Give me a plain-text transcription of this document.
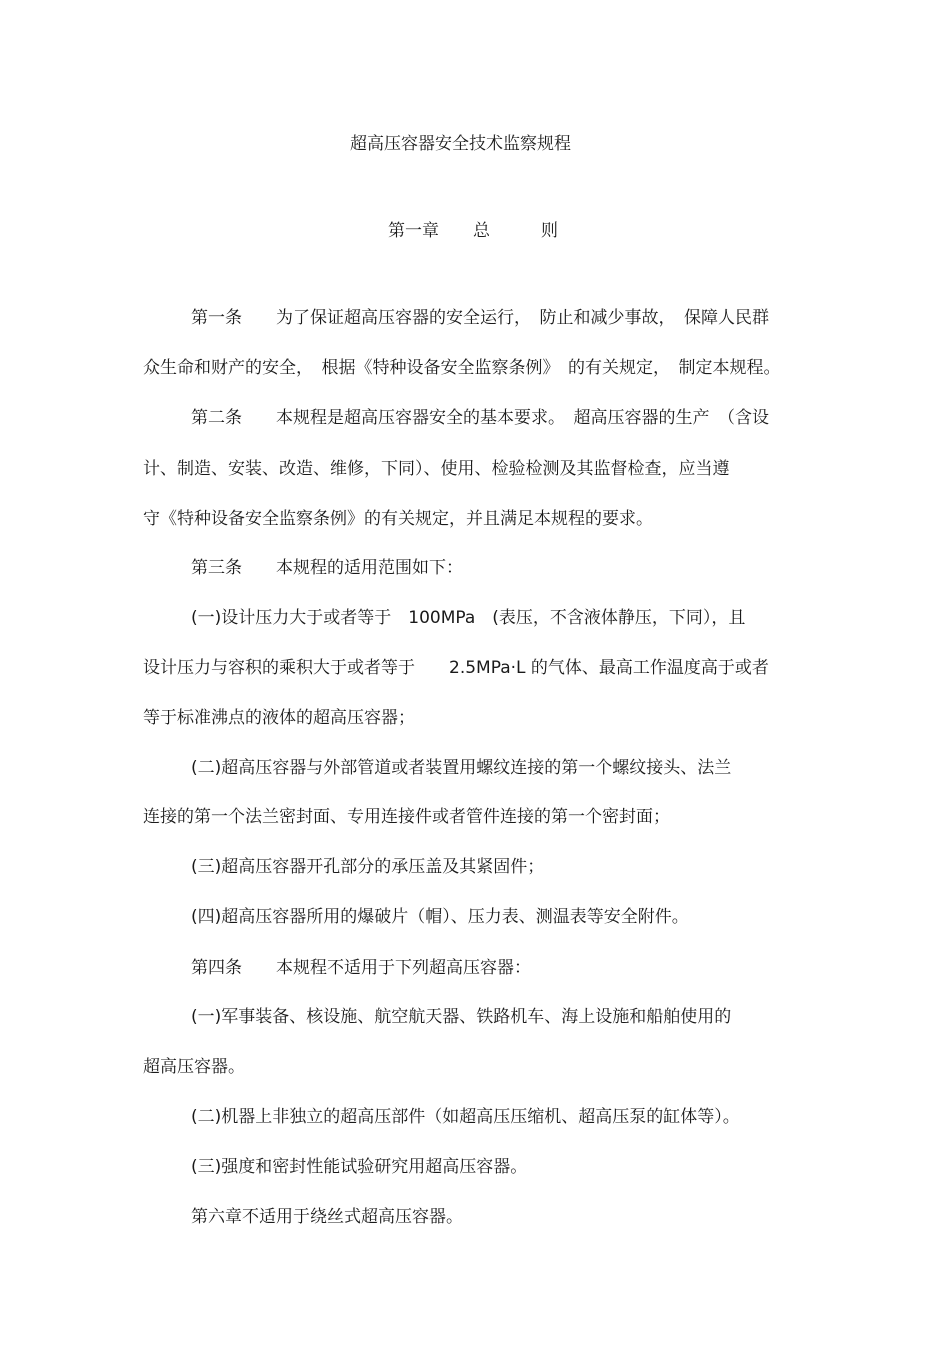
超高压容器安全技术监察规程
第一章　　总　　　则
第一条　　为了保证超高压容器的安全运行，　防止和减少事故，　保障人民群
众生命和财产的安全，　根据《特种设备安全监察条例》　的有关规定，　制定本规程。
第二条　　本规程是超高压容器安全的基本要求。　超高压容器的生产　（含设
计、制造、安装、改造、维修，下同）、使用、检验检测及其监督检查，应当遵
守《特种设备安全监察条例》的有关规定，并且满足本规程的要求。
第三条　　本规程的适用范围如下：
(一)设计压力大于或者等于　100MPa　(表压，不含液体静压，下同），且
设计压力与容积的乘积大于或者等于　　2.5MPa·L 的气体、最高工作温度高于或者
等于标准沸点的液体的超高压容器；
(二)超高压容器与外部管道或者装置用螺纹连接的第一个螺纹接头、法兰
连接的第一个法兰密封面、专用连接件或者管件连接的第一个密封面；
(三)超高压容器开孔部分的承压盖及其紧固件；
(四)超高压容器所用的爆破片（帽）、压力表、测温表等安全附件。
第四条　　本规程不适用于下列超高压容器：
(一)军事装备、核设施、航空航天器、铁路机车、海上设施和船舶使用的
超高压容器。
(二)机器上非独立的超高压部件（如超高压压缩机、超高压泵的缸体等）。
(三)强度和密封性能试验研究用超高压容器。
第六章不适用于绕丝式超高压容器。
